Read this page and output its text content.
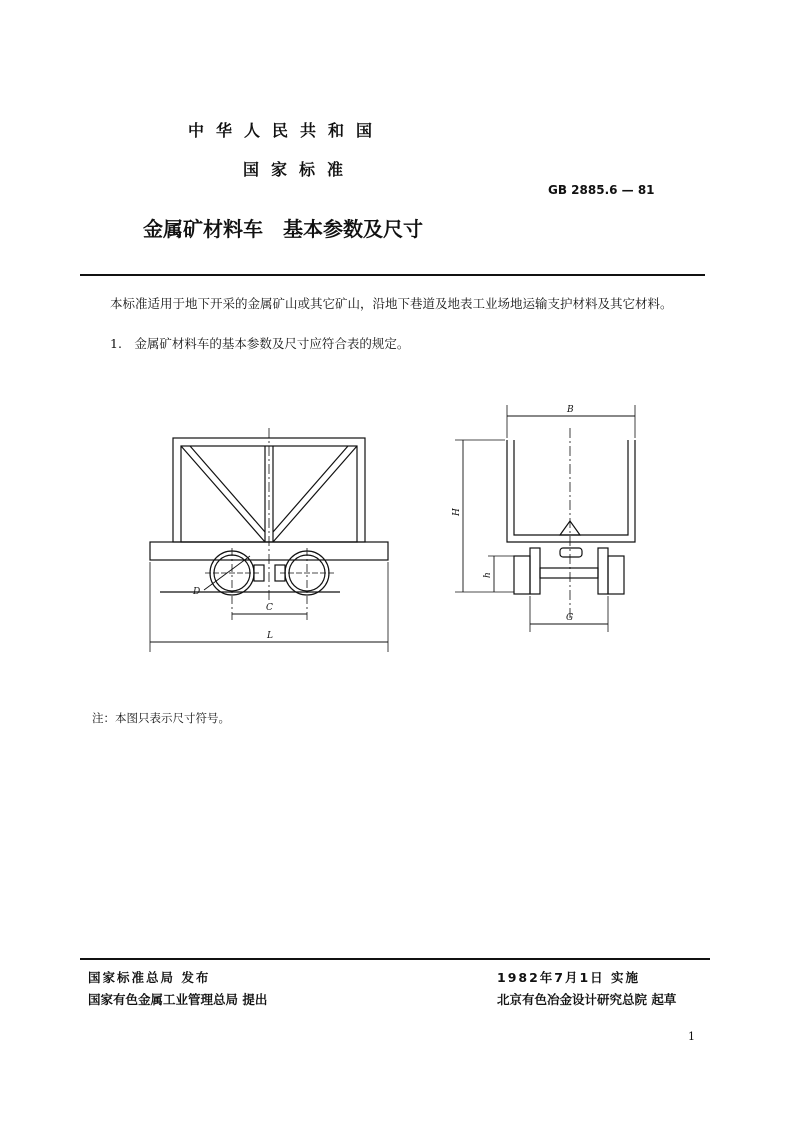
中华人民共和国
国家标准
GB 2885.6 — 81
金属矿材料车　基本参数及尺寸
本标准适用于地下开采的金属矿山或其它矿山，沿地下巷道及地表工业场地运输支护材料及其它材料。
1.　金属矿材料车的基本参数及尺寸应符合表的规定。
D
C
L
B
H
h
G
注：本图只表示尺寸符号。
国家标准总局 发布
国家有色金属工业管理总局 提出
1982年7月1日 实施
北京有色冶金设计研究总院 起草
1
